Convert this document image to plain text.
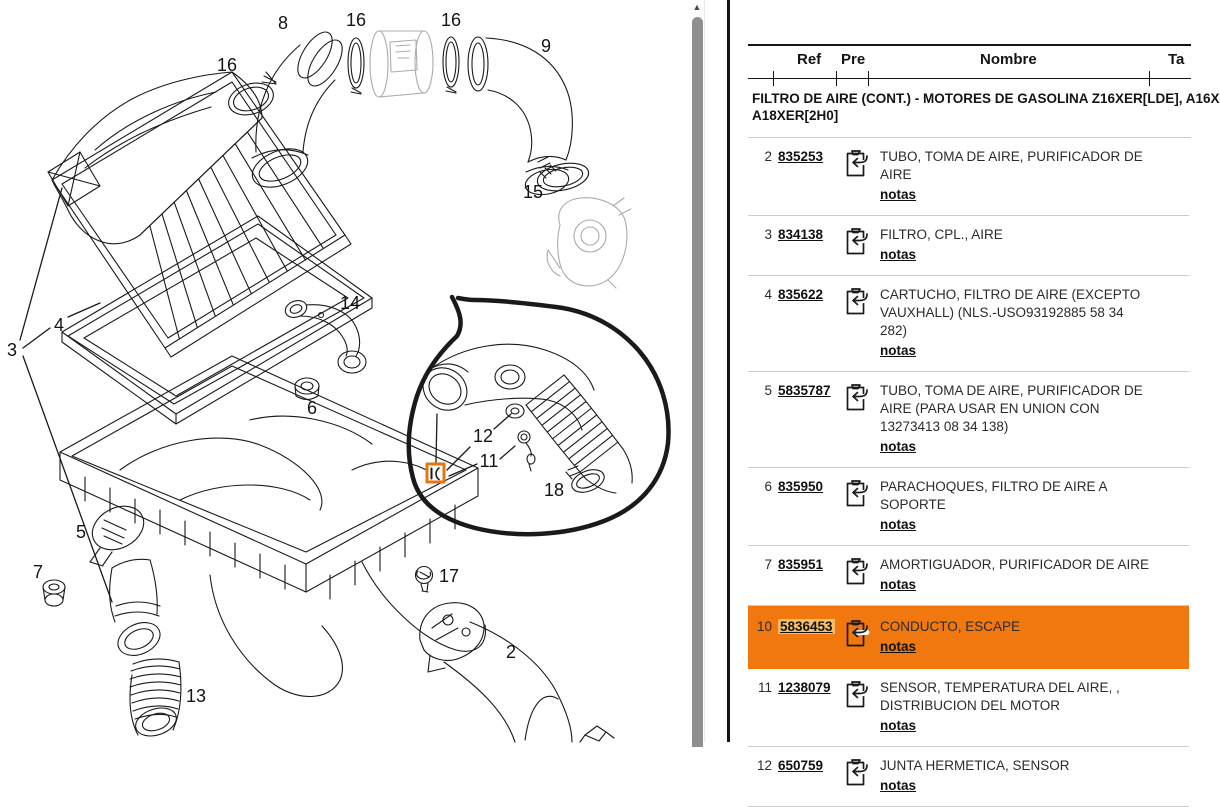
8	16	16
9
16
15
14
4
3
6
12
11
18
5
7	17
2
13
▲
Ref Pre	Nombre	Ta
FILTRO DE AIRE (CONT.) - MOTORES DE GASOLINA Z16XER[LDE], A16X
A18XER[2H0]
2 835253	TUBO, TOMA DE AIRE, PURIFICADOR DE AIRE
notas
3 834138	FILTRO, CPL., AIRE
notas
4 835622	CARTUCHO, FILTRO DE AIRE (EXCEPTO VAUXHALL) (NLS.-USO93192885 58 34 282)
notas
5 5835787	TUBO, TOMA DE AIRE, PURIFICADOR DE AIRE (PARA USAR EN UNION CON 13273413 08 34 138)
notas
6 835950	PARACHOQUES, FILTRO DE AIRE A SOPORTE
notas
7 835951	AMORTIGUADOR, PURIFICADOR DE AIRE
notas
10 5836453	CONDUCTO, ESCAPE
notas
11 1238079	SENSOR, TEMPERATURA DEL AIRE, , DISTRIBUCION DEL MOTOR
notas
12 650759	JUNTA HERMETICA, SENSOR
notas
